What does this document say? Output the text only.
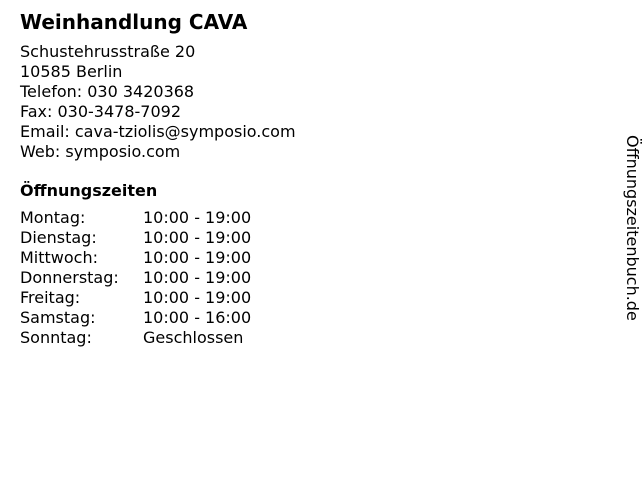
Weinhandlung CAVA
Schustehrusstraße 20
10585 Berlin
Telefon: 030 3420368
Fax: 030-3478-7092
Email: cava-tziolis@symposio.com
Web: symposio.com
Öffnungszeiten
Montag:	10:00 - 19:00
Dienstag:	10:00 - 19:00
Mittwoch:	10:00 - 19:00
Donnerstag:	10:00 - 19:00
Freitag:	10:00 - 19:00
Samstag:	10:00 - 16:00
Sonntag:	Geschlossen
Öffnungszeitenbuch.de
